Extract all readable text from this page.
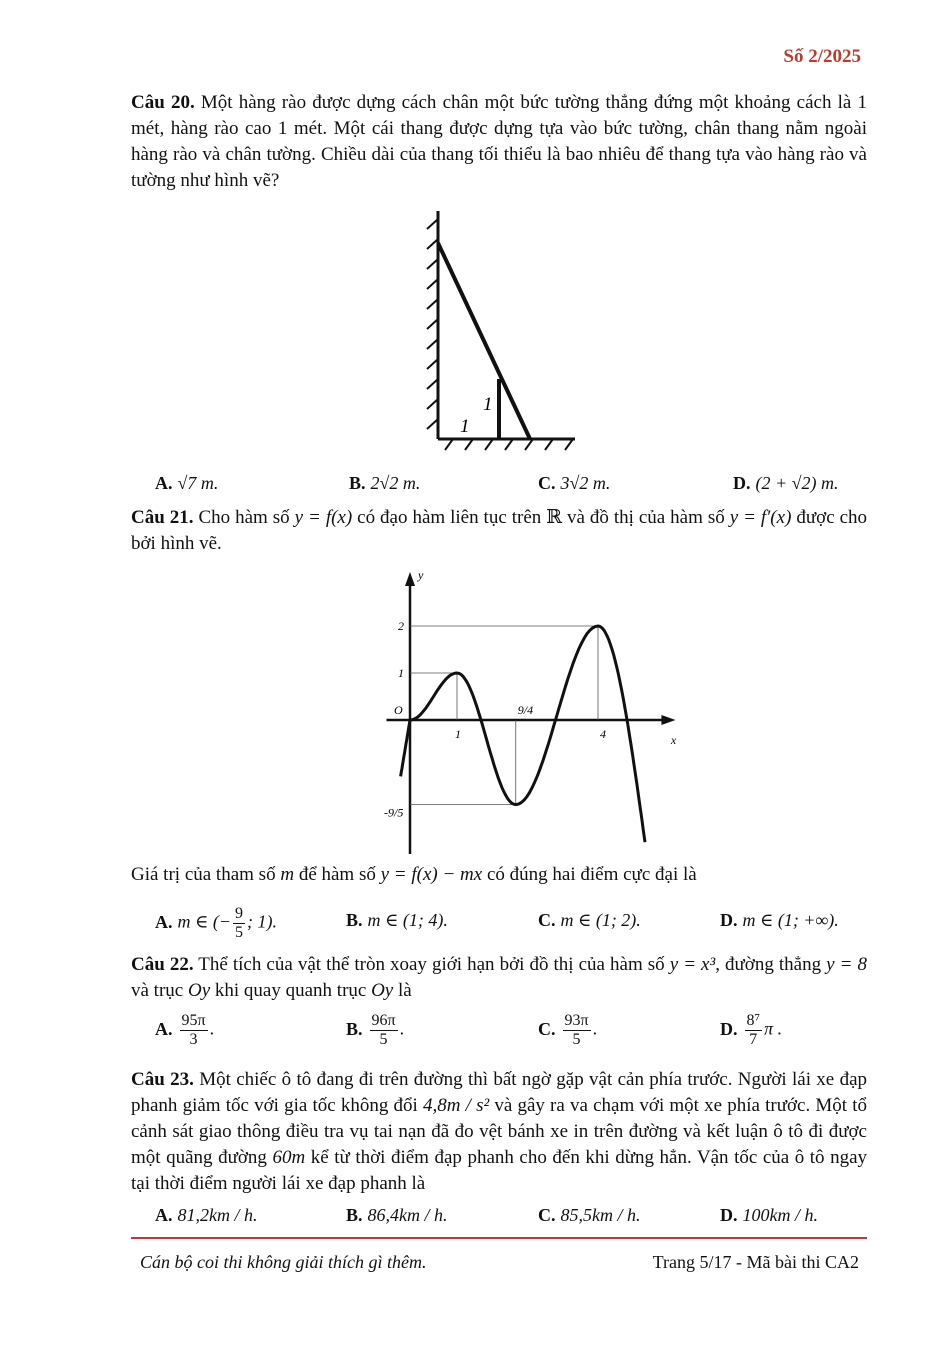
Số 2/2025
Câu 20. Một hàng rào được dựng cách chân một bức tường thẳng đứng một khoảng cách là 1 mét, hàng rào cao 1 mét. Một cái thang được dựng tựa vào bức tường, chân thang nằm ngoài hàng rào và chân tường. Chiều dài của thang tối thiểu là bao nhiêu để thang tựa vào hàng rào và tường như hình vẽ?
1
1
A. √7 m.	B. 2√2 m.	C. 3√2 m.	D. (2 + √2) m.
Câu 21. Cho hàm số y = f(x) có đạo hàm liên tục trên ℝ và đồ thị của hàm số y = f′(x) được cho bởi hình vẽ.
y
x
O
2
1
-9/5
1
9/4
4
Giá trị của tham số m để hàm số y = f(x) − mx có đúng hai điểm cực đại là
A. m ∈ (− $\frac{9}{5}$ ; 1).	B. m ∈ (1; 4).	C. m ∈ (1; 2).	D. m ∈ (1; +∞).
Câu 22. Thể tích của vật thể tròn xoay giới hạn bởi đồ thị của hàm số y = x³, đường thẳng y = 8 và trục Oy khi quay quanh trục Oy là
A. $\frac{95\pi}{3}$ .	B. $\frac{96\pi}{5}$ .	C. $\frac{93\pi}{5}$ .	D. $\frac{\text{8⁷}}{7}$ π .
Câu 23. Một chiếc ô tô đang đi trên đường thì bất ngờ gặp vật cản phía trước. Người lái xe đạp phanh giảm tốc với gia tốc không đổi 4,8m / s² và gây ra va chạm với một xe phía trước. Một tổ cảnh sát giao thông điều tra vụ tai nạn đã đo vệt bánh xe in trên đường và kết luận ô tô đi được một quãng đường 60m kể từ thời điểm đạp phanh cho đến khi dừng hẳn. Vận tốc của ô tô ngay tại thời điểm người lái xe đạp phanh là
A. 81,2km / h.	B. 86,4km / h.	C. 85,5km / h.	D. 100km / h.
Cán bộ coi thi không giải thích gì thêm.	Trang 5/17 - Mã bài thi CA2
